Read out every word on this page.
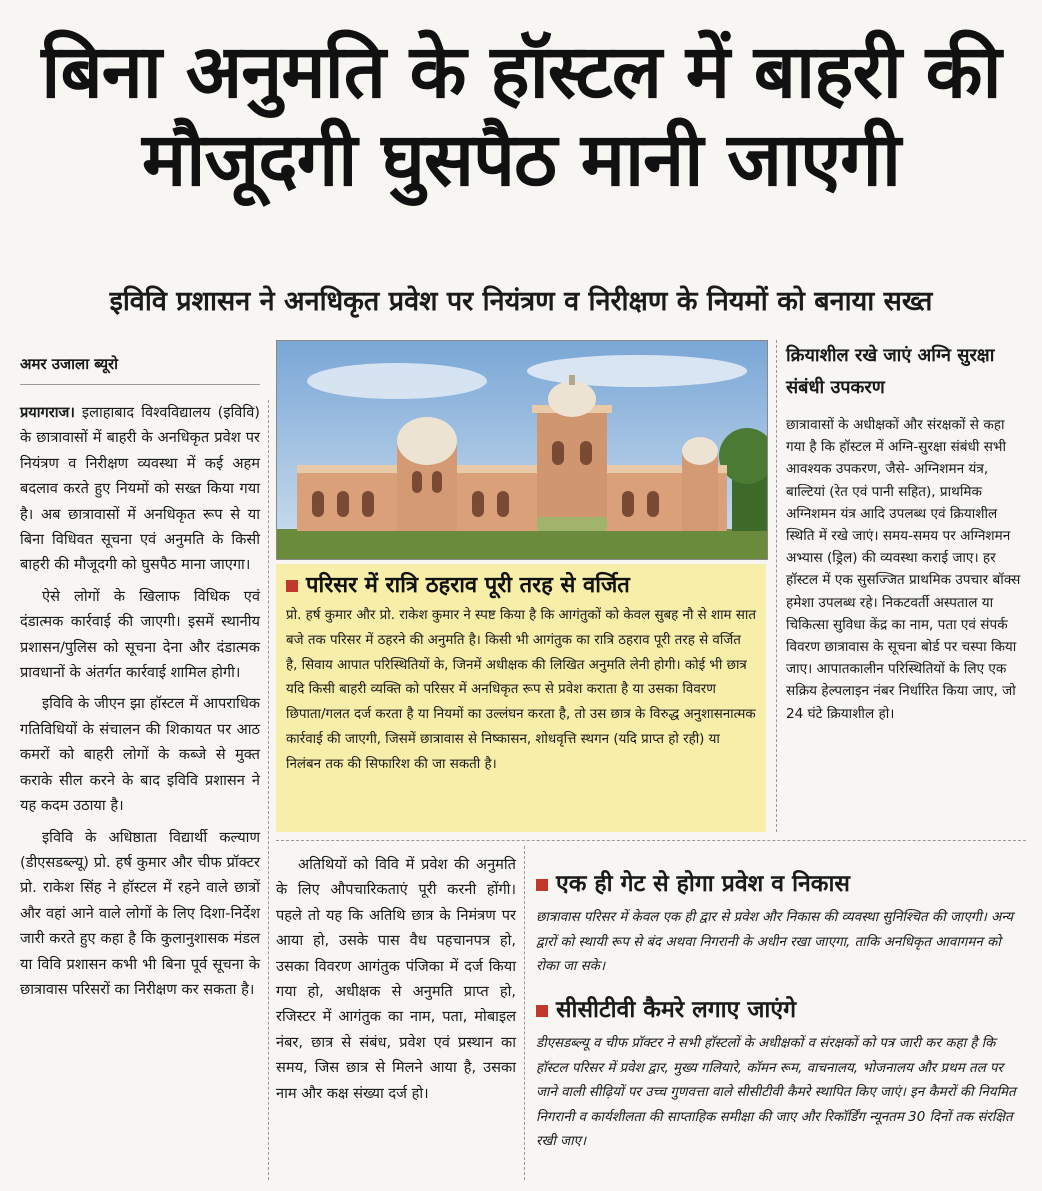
बिना अनुमति के हॉस्टल में बाहरी की मौजूदगी घुसपैठ मानी जाएगी
इविवि प्रशासन ने अनधिकृत प्रवेश पर नियंत्रण व निरीक्षण के नियमों को बनाया सख्त
अमर उजाला ब्यूरो

प्रयागराज। इलाहाबाद विश्वविद्यालय (इविवि) के छात्रावासों में बाहरी के अनधिकृत प्रवेश पर नियंत्रण व निरीक्षण व्यवस्था में कई अहम बदलाव करते हुए नियमों को सख्त किया गया है। अब छात्रावासों में अनधिकृत रूप से या बिना विधिवत सूचना एवं अनुमति के किसी बाहरी की मौजूदगी को घुसपैठ माना जाएगा।

ऐसे लोगों के खिलाफ विधिक एवं दंडात्मक कार्रवाई की जाएगी। इसमें स्थानीय प्रशासन/पुलिस को सूचना देना और दंडात्मक प्रावधानों के अंतर्गत कार्रवाई शामिल होगी।

इविवि के जीएन झा हॉस्टल में आपराधिक गतिविधियों के संचालन की शिकायत पर आठ कमरों को बाहरी लोगों के कब्जे से मुक्त कराके सील करने के बाद इविवि प्रशासन ने यह कदम उठाया है।

इविवि के अधिष्ठाता विद्यार्थी कल्याण (डीएसडब्ल्यू) प्रो. हर्ष कुमार और चीफ प्रॉक्टर प्रो. राकेश सिंह ने हॉस्टल में रहने वाले छात्रों और वहां आने वाले लोगों के लिए दिशा-निर्देश जारी करते हुए कहा है कि कुलानुशासक मंडल या विवि प्रशासन कभी भी बिना पूर्व सूचना के छात्रावास परिसरों का निरीक्षण कर सकता है।

परिसर में रात्रि ठहराव पूरी तरह से वर्जित
प्रो. हर्ष कुमार और प्रो. राकेश कुमार ने स्पष्ट किया है कि आगंतुकों को केवल सुबह नौ से शाम सात बजे तक परिसर में ठहरने की अनुमति है। किसी भी आगंतुक का रात्रि ठहराव पूरी तरह से वर्जित है, सिवाय आपात परिस्थितियों के, जिनमें अधीक्षक की लिखित अनुमति लेनी होगी। कोई भी छात्र यदि किसी बाहरी व्यक्ति को परिसर में अनधिकृत रूप से प्रवेश कराता है या उसका विवरण छिपाता/गलत दर्ज करता है या नियमों का उल्लंघन करता है, तो उस छात्र के विरुद्ध अनुशासनात्मक कार्रवाई की जाएगी, जिसमें छात्रावास से निष्कासन, शोधवृत्ति स्थगन (यदि प्राप्त हो रही) या निलंबन तक की सिफारिश की जा सकती है।

अतिथियों को विवि में प्रवेश की अनुमति के लिए औपचारिकताएं पूरी करनी होंगी। पहले तो यह कि अतिथि छात्र के निमंत्रण पर आया हो, उसके पास वैध पहचानपत्र हो, उसका विवरण आगंतुक पंजिका में दर्ज किया गया हो, अधीक्षक से अनुमति प्राप्त हो, रजिस्टर में आगंतुक का नाम, पता, मोबाइल नंबर, छात्र से संबंध, प्रवेश एवं प्रस्थान का समय, जिस छात्र से मिलने आया है, उसका नाम और कक्ष संख्या दर्ज हो।

क्रियाशील रखे जाएं अग्नि सुरक्षा संबंधी उपकरण

छात्रावासों के अधीक्षकों और संरक्षकों से कहा गया है कि हॉस्टल में अग्नि-सुरक्षा संबंधी सभी आवश्यक उपकरण, जैसे- अग्निशमन यंत्र, बाल्टियां (रेत एवं पानी सहित), प्राथमिक अग्निशमन यंत्र आदि उपलब्ध एवं क्रियाशील स्थिति में रखे जाएं। समय-समय पर अग्निशमन अभ्यास (ड्रिल) की व्यवस्था कराई जाए। हर हॉस्टल में एक सुसज्जित प्राथमिक उपचार बॉक्स हमेशा उपलब्ध रहे। निकटवर्ती अस्पताल या चिकित्सा सुविधा केंद्र का नाम, पता एवं संपर्क विवरण छात्रावास के सूचना बोर्ड पर चस्पा किया जाए। आपातकालीन परिस्थितियों के लिए एक सक्रिय हेल्पलाइन नंबर निर्धारित किया जाए, जो 24 घंटे क्रियाशील हो।

एक ही गेट से होगा प्रवेश व निकास
छात्रावास परिसर में केवल एक ही द्वार से प्रवेश और निकास की व्यवस्था सुनिश्चित की जाएगी। अन्य द्वारों को स्थायी रूप से बंद अथवा निगरानी के अधीन रखा जाएगा, ताकि अनधिकृत आवागमन को रोका जा सके।
सीसीटीवी कैमरे लगाए जाएंगे
डीएसडब्ल्यू व चीफ प्रॉक्टर ने सभी हॉस्टलों के अधीक्षकों व संरक्षकों को पत्र जारी कर कहा है कि हॉस्टल परिसर में प्रवेश द्वार, मुख्य गलियारे, कॉमन रूम, वाचनालय, भोजनालय और प्रथम तल पर जाने वाली सीढ़ियों पर उच्च गुणवत्ता वाले सीसीटीवी कैमरे स्थापित किए जाएं। इन कैमरों की नियमित निगरानी व कार्यशीलता की साप्ताहिक समीक्षा की जाए और रिकॉर्डिंग न्यूनतम 30 दिनों तक संरक्षित रखी जाए।
